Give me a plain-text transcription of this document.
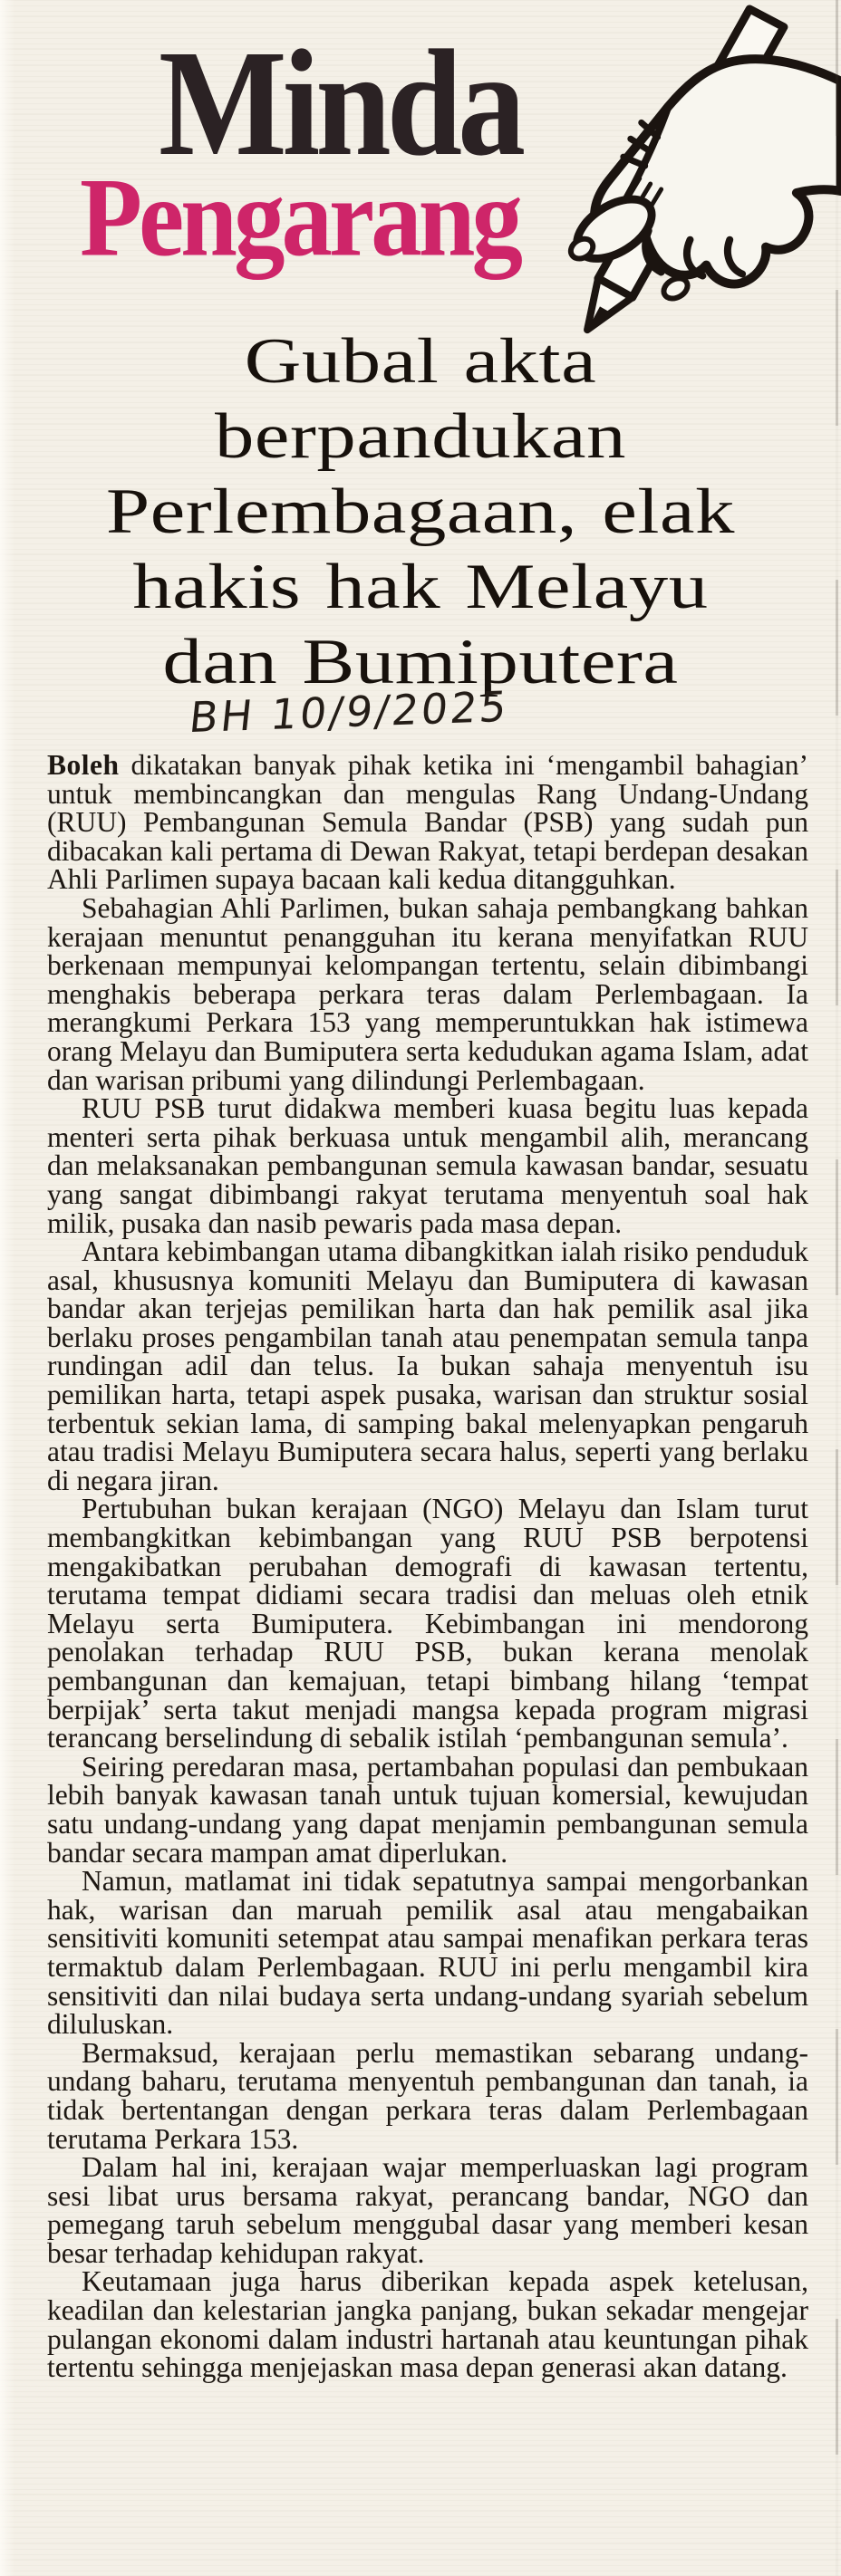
Minda
Pengarang
Gubal akta
berpandukan
Perlembagaan, elak
hakis hak Melayu
dan Bumiputera
BH 10/9/2025

Boleh dikatakan banyak pihak ketika ini ‘mengambil bahagian’ untuk membincangkan dan mengulas Rang Undang-Undang (RUU) Pembangunan Semula Bandar (PSB) yang sudah pun dibacakan kali pertama di Dewan Rakyat, tetapi berdepan desakan Ahli Parlimen supaya bacaan kali kedua ditangguhkan.

Sebahagian Ahli Parlimen, bukan sahaja pembangkang bahkan kerajaan menuntut penangguhan itu kerana menyifatkan RUU berkenaan mempunyai kelompangan tertentu, selain dibimbangi menghakis beberapa perkara teras dalam Perlembagaan. Ia merangkumi Perkara 153 yang memperuntukkan hak istimewa orang Melayu dan Bumiputera serta kedudukan agama Islam, adat dan warisan pribumi yang dilindungi Perlembagaan.

RUU PSB turut didakwa memberi kuasa begitu luas kepada menteri serta pihak berkuasa untuk mengambil alih, merancang dan melaksanakan pembangunan semula kawasan bandar, sesuatu yang sangat dibimbangi rakyat terutama menyentuh soal hak milik, pusaka dan nasib pewaris pada masa depan.

Antara kebimbangan utama dibangkitkan ialah risiko penduduk asal, khususnya komuniti Melayu dan Bumiputera di kawasan bandar akan terjejas pemilikan harta dan hak pemilik asal jika berlaku proses pengambilan tanah atau penempatan semula tanpa rundingan adil dan telus. Ia bukan sahaja menyentuh isu pemilikan harta, tetapi aspek pusaka, warisan dan struktur sosial terbentuk sekian lama, di samping bakal melenyapkan pengaruh atau tradisi Melayu Bumiputera secara halus, seperti yang berlaku di negara jiran.

Pertubuhan bukan kerajaan (NGO) Melayu dan Islam turut membangkitkan kebimbangan yang RUU PSB berpotensi mengakibatkan perubahan demografi di kawasan tertentu, terutama tempat didiami secara tradisi dan meluas oleh etnik Melayu serta Bumiputera. Kebimbangan ini mendorong penolakan terhadap RUU PSB, bukan kerana menolak pembangunan dan kemajuan, tetapi bimbang hilang ‘tempat berpijak’ serta takut menjadi mangsa kepada program migrasi terancang berselindung di sebalik istilah ‘pembangunan semula’.

Seiring peredaran masa, pertambahan populasi dan pembukaan lebih banyak kawasan tanah untuk tujuan komersial, kewujudan satu undang-undang yang dapat menjamin pembangunan semula bandar secara mampan amat diperlukan.

Namun, matlamat ini tidak sepatutnya sampai mengorbankan hak, warisan dan maruah pemilik asal atau mengabaikan sensitiviti komuniti setempat atau sampai menafikan perkara teras termaktub dalam Perlembagaan. RUU ini perlu mengambil kira sensitiviti dan nilai budaya serta undang-undang syariah sebelum diluluskan.

Bermaksud, kerajaan perlu memastikan sebarang undang-undang baharu, terutama menyentuh pembangunan dan tanah, ia tidak bertentangan dengan perkara teras dalam Perlembagaan terutama Perkara 153.

Dalam hal ini, kerajaan wajar memperluaskan lagi program sesi libat urus bersama rakyat, perancang bandar, NGO dan pemegang taruh sebelum menggubal dasar yang memberi kesan besar terhadap kehidupan rakyat.

Keutamaan juga harus diberikan kepada aspek ketelusan, keadilan dan kelestarian jangka panjang, bukan sekadar mengejar pulangan ekonomi dalam industri hartanah atau keuntungan pihak tertentu sehingga menjejaskan masa depan generasi akan datang.
